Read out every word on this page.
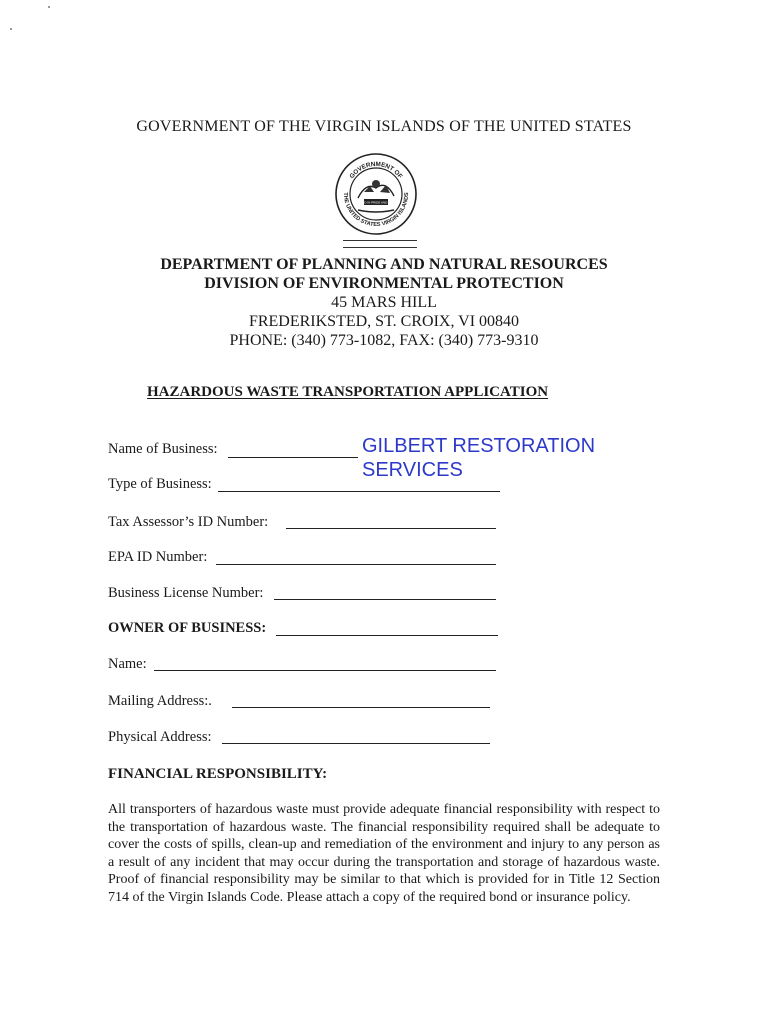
GOVERNMENT OF THE VIRGIN ISLANDS OF THE UNITED STATES
GOVERNMENT OF
THE UNITED STATES VIRGIN ISLANDS
UNITED IN PRIDE AND HOPE
DEPARTMENT OF PLANNING AND NATURAL RESOURCES
DIVISION OF ENVIRONMENTAL PROTECTION
45 MARS HILL
FREDERIKSTED, ST. CROIX, VI 00840
PHONE: (340) 773-1082, FAX: (340) 773-9310
HAZARDOUS WASTE TRANSPORTATION APPLICATION
Name of Business:	GILBERT RESTORATION
SERVICES
Type of Business:
Tax Assessor’s ID Number:
EPA ID Number:
Business License Number:
OWNER OF BUSINESS:
Name:
Mailing Address:.
Physical Address:
FINANCIAL RESPONSIBILITY:
All transporters of hazardous waste must provide adequate financial responsibility with respect to the transportation of hazardous waste. The financial responsibility required shall be adequate to cover the costs of spills, clean-up and remediation of the environment and injury to any person as a result of any incident that may occur during the transportation and storage of hazardous waste. Proof of financial responsibility may be similar to that which is provided for in Title 12 Section 714 of the Virgin Islands Code. Please attach a copy of the required bond or insurance policy.
